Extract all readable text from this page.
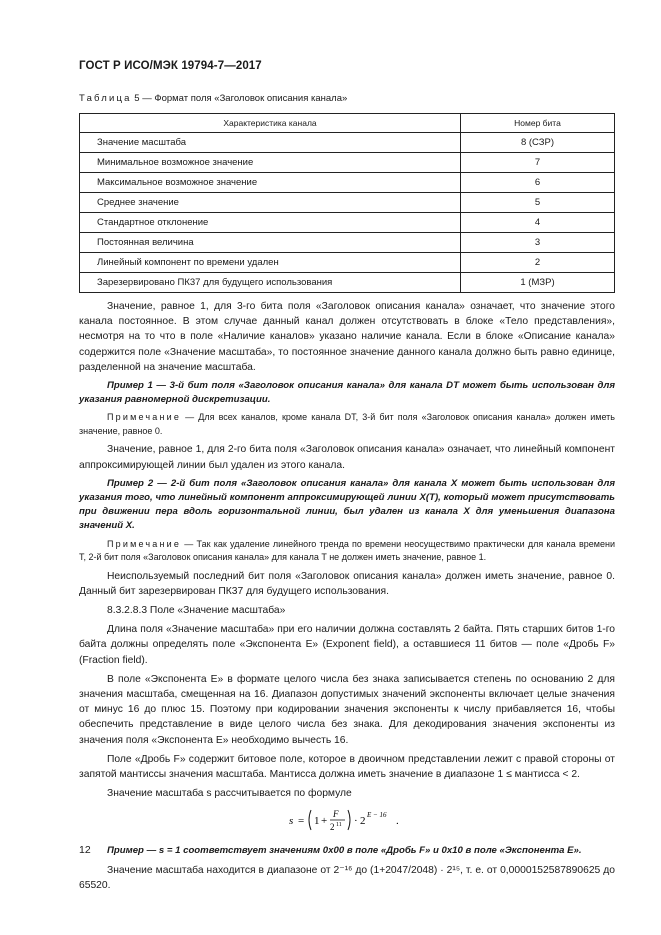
ГОСТ Р ИСО/МЭК 19794-7—2017
Таблица 5 — Формат поля «Заголовок описания канала»
Характеристика канала	Номер бита
Значение масштаба	8 (СЗР)
Минимальное возможное значение	7
Максимальное возможное значение	6
Среднее значение	5
Стандартное отклонение	4
Постоянная величина	3
Линейный компонент по времени удален	2
Зарезервировано ПК37 для будущего использования	1 (МЗР)

Значение, равное 1, для 3-го бита поля «Заголовок описания канала» означает, что значение этого канала постоянное. В этом случае данный канал должен отсутствовать в блоке «Тело представления», несмотря на то что в поле «Наличие каналов» указано наличие канала. Если в блоке «Описание канала» содержится поле «Значение масштаба», то постоянное значение данного канала должно быть равно единице, разделенной на значение масштаба.

Пример 1 — 3-й бит поля «Заголовок описания канала» для канала DT может быть использован для указания равномерной дискретизации.

Примечание — Для всех каналов, кроме канала DT, 3-й бит поля «Заголовок описания канала» должен иметь значение, равное 0.

Значение, равное 1, для 2-го бита поля «Заголовок описания канала» означает, что линейный компонент аппроксимирующей линии был удален из этого канала.

Пример 2 — 2-й бит поля «Заголовок описания канала» для канала X может быть использован для указания того, что линейный компонент аппроксимирующей линии X(T), который может присутствовать при движении пера вдоль горизонтальной линии, был удален из канала X для уменьшения диапазона значений X.

Примечание — Так как удаление линейного тренда по времени неосуществимо практически для канала времени T, 2-й бит поля «Заголовок описания канала» для канала T не должен иметь значение, равное 1.

Неиспользуемый последний бит поля «Заголовок описания канала» должен иметь значение, равное 0. Данный бит зарезервирован ПК37 для будущего использования.

8.3.2.8.3 Поле «Значение масштаба»

Длина поля «Значение масштаба» при его наличии должна составлять 2 байта. Пять старших битов 1-го байта должны определять поле «Экспонента E» (Exponent field), а оставшиеся 11 битов — поле «Дробь F» (Fraction field).

В поле «Экспонента E» в формате целого числа без знака записывается степень по основанию 2 для значения масштаба, смещенная на 16. Диапазон допустимых значений экспоненты включает целые значения от минус 16 до плюс 15. Поэтому при кодировании значения экспоненты к числу прибавляется 16, чтобы обеспечить представление в виде целого числа без знака. Для декодирования значения экспоненты из значения поля «Экспонента E» необходимо вычесть 16.

Поле «Дробь F» содержит битовое поле, которое в двоичном представлении лежит с правой стороны от запятой мантиссы значения масштаба. Мантисса должна иметь значение в диапазоне 1 ≤ мантисса < 2.

Значение масштаба s рассчитывается по формуле

s = 1 +
F
2 11 · 2 E − 16 .

Пример — s = 1 соответствует значениям 0x00 в поле «Дробь F» и 0x10 в поле «Экспонента E».

Значение масштаба находится в диапазоне от 2⁻¹⁶ до (1+2047/2048) · 2¹⁵, т. е. от 0,0000152587890625 до 65520.

12
